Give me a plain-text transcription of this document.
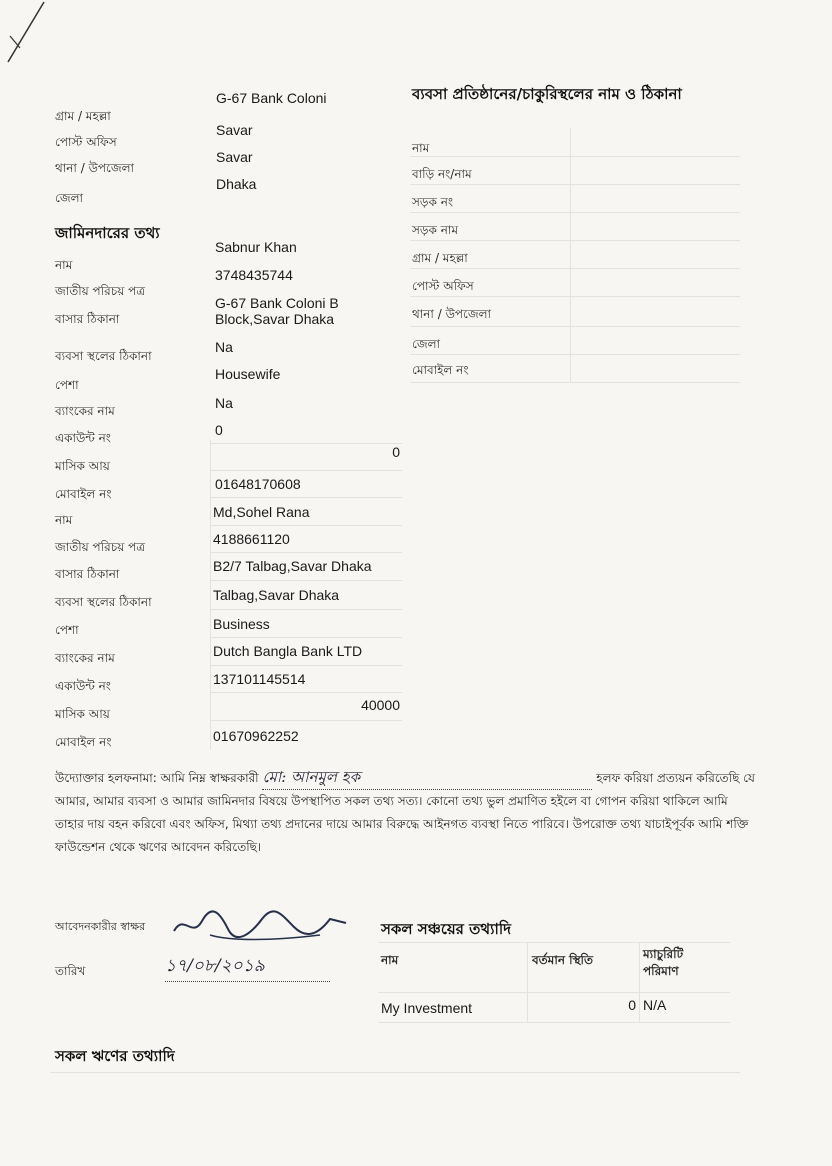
গ্রাম / মহল্লা
G-67 Bank Coloni
পোস্ট অফিস
Savar
থানা / উপজেলা
Savar
জেলা
Dhaka
ব্যবসা প্রতিষ্ঠানের/চাকুরিস্থলের নাম ও ঠিকানা
নাম
বাড়ি নং/নাম
সড়ক নং
সড়ক নাম
গ্রাম / মহল্লা
পোস্ট অফিস
থানা / উপজেলা
জেলা
মোবাইল নং
জামিনদারের তথ্য
নাম
Sabnur Khan
জাতীয় পরিচয় পত্র
3748435744
বাসার ঠিকানা
G-67 Bank Coloni B
Block,Savar Dhaka
ব্যবসা স্থলের ঠিকানা
Na
পেশা
Housewife
ব্যাংকের নাম	Na
একাউন্ট নং	0
মাসিক আয়
0
মোবাইল নং
01648170608
নাম	Md,Sohel Rana
জাতীয় পরিচয় পত্র	4188661120
বাসার ঠিকানা	B2/7 Talbag,Savar Dhaka
ব্যবসা স্থলের ঠিকানা	Talbag,Savar Dhaka
পেশা	Business
ব্যাংকের নাম	Dutch Bangla Bank LTD
একাউন্ট নং	137101145514
মাসিক আয়
40000
মোবাইল নং	01670962252
উদ্যোক্তার হলফনামা: আমি নিম্ন স্বাক্ষরকারী মো: আনমুল হক	হলফ করিয়া প্রত্যয়ন করিতেছি যে আমার, আমার ব্যবসা ও আমার জামিনদার বিষয়ে উপস্থাপিত সকল তথ্য সত্য। কোনো তথ্য ভুল প্রমাণিত হইলে বা গোপন করিয়া থাকিলে আমি তাহার দায় বহন করিবো এবং অফিস, মিথ্যা তথ্য প্রদানের দায়ে আমার বিরুদ্ধে আইনগত ব্যবস্থা নিতে পারিবে। উপরোক্ত তথ্য যাচাইপূর্বক আমি শক্তি ফাউন্ডেশন থেকে ঋণের আবেদন করিতেছি।
আবেদনকারীর স্বাক্ষর
তারিখ	১৭/০৮/২০১৯
সকল সঞ্চয়ের তথ্যাদি
নাম	বর্তমান স্থিতি	ম্যাচুরিটি পরিমাণ
My Investment	0 N/A
সকল ঋণের তথ্যাদি
